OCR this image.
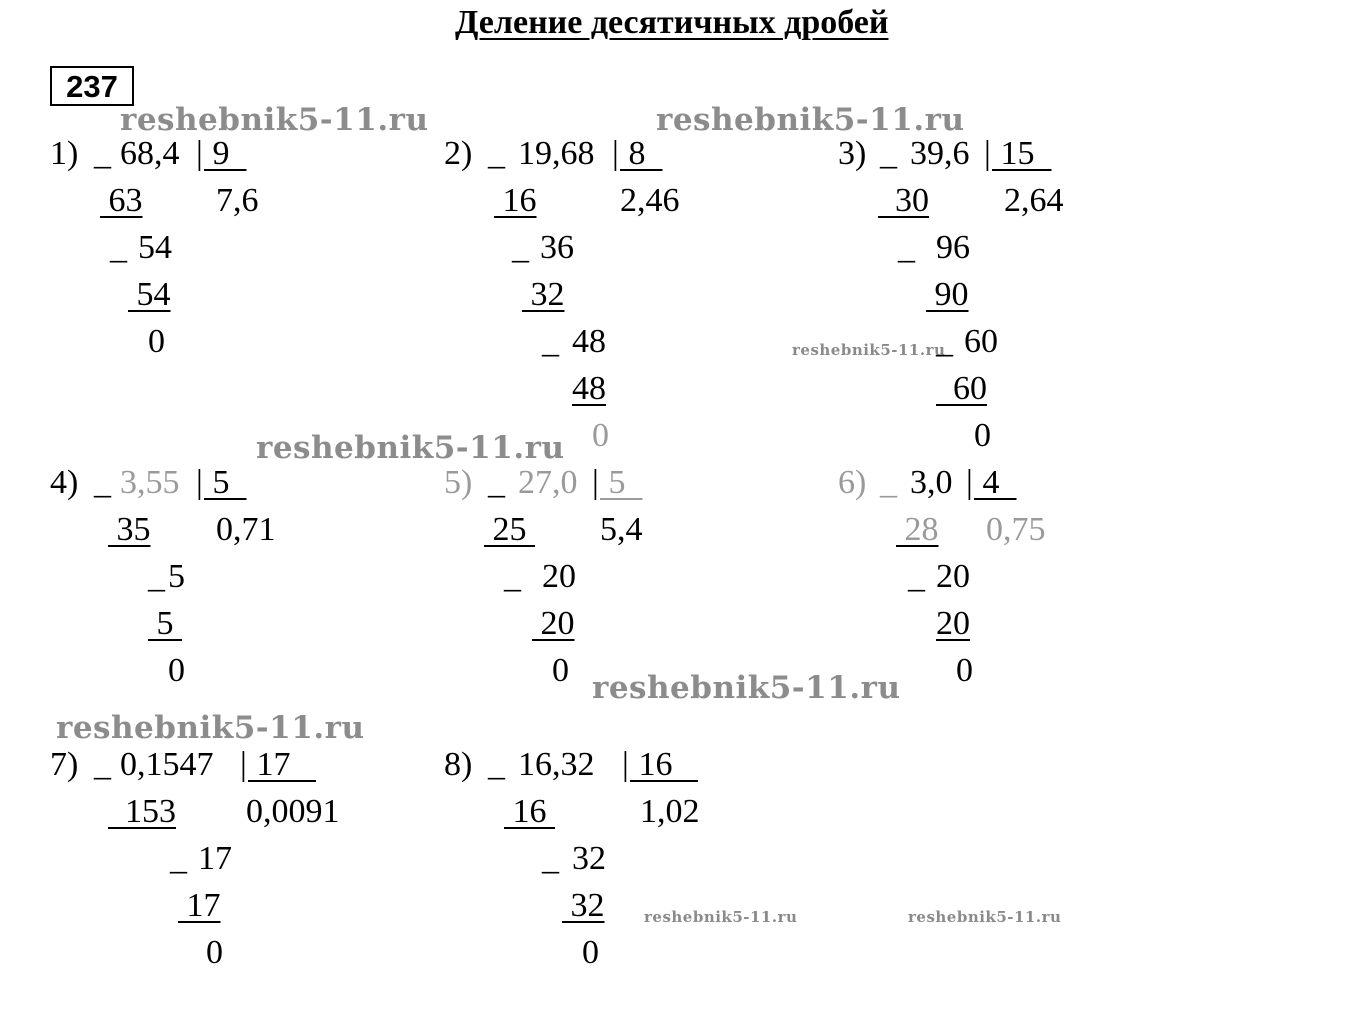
Деление десятичных дробей
237
reshebnik5-11.ru	reshebnik5-11.ru
reshebnik5-11.ru
reshebnik5-11.ru
reshebnik5-11.ru
reshebnik5-11.ru
reshebnik5-11.ru	reshebnik5-11.ru
1) _ 68,4 | 9
7,6
63
_ 54
54
0
2) _ 19,68 | 8
2,46
16
_ 36
32
_ 48
48
0
3) _ 39,6 | 15
2,64
30
_ 96
90
_ 60
60
0
4) _ 3,55 | 5
0,71
35
_ 5
5
0
5) _ 27,0 | 5
5,4
25
_ 20
20
0
6) _ 3,0 | 4
0,75
28
_ 20
20
0
7) _ 0,1547 | 17
0,0091
153
_ 17
17
0
8) _ 16,32 | 16
1,02
16
_ 32
32
0
